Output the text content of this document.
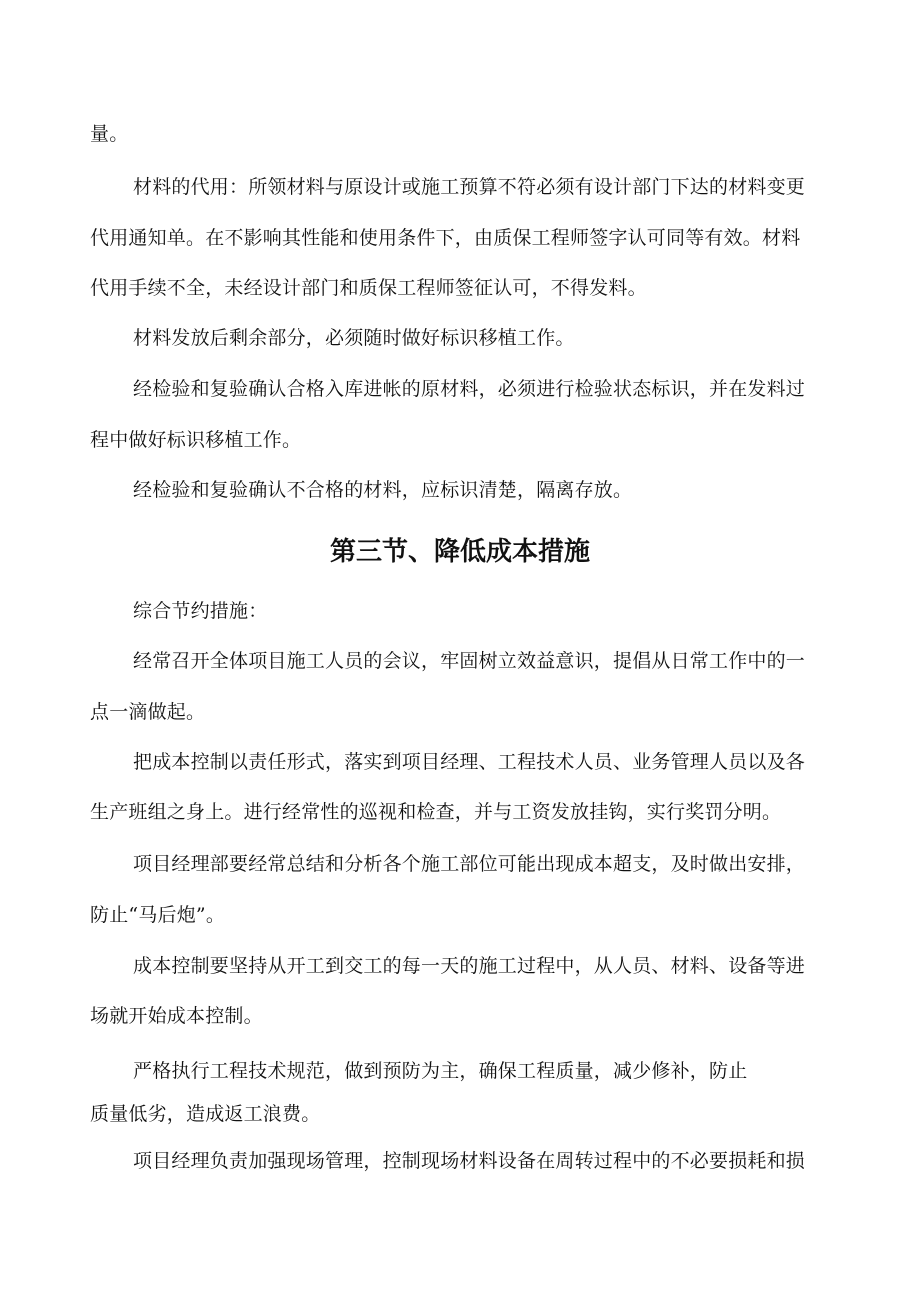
量。
材料的代用：所领材料与原设计或施工预算不符必须有设计部门下达的材料变更
代用通知单。在不影响其性能和使用条件下，由质保工程师签字认可同等有效。材料
代用手续不全，未经设计部门和质保工程师签征认可，不得发料。
材料发放后剩余部分，必须随时做好标识移植工作。
经检验和复验确认合格入库进帐的原材料，必须进行检验状态标识，并在发料过
程中做好标识移植工作。
经检验和复验确认不合格的材料，应标识清楚，隔离存放。
第三节、降低成本措施
综合节约措施：
经常召开全体项目施工人员的会议，牢固树立效益意识，提倡从日常工作中的一
点一滴做起。
把成本控制以责任形式，落实到项目经理、工程技术人员、业务管理人员以及各
生产班组之身上。进行经常性的巡视和检查，并与工资发放挂钩，实行奖罚分明。
项目经理部要经常总结和分析各个施工部位可能出现成本超支，及时做出安排，
防止“马后炮”。
成本控制要坚持从开工到交工的每一天的施工过程中，从人员、材料、设备等进
场就开始成本控制。
严格执行工程技术规范，做到预防为主，确保工程质量，减少修补，防止
质量低劣，造成返工浪费。
项目经理负责加强现场管理，控制现场材料设备在周转过程中的不必要损耗和损
